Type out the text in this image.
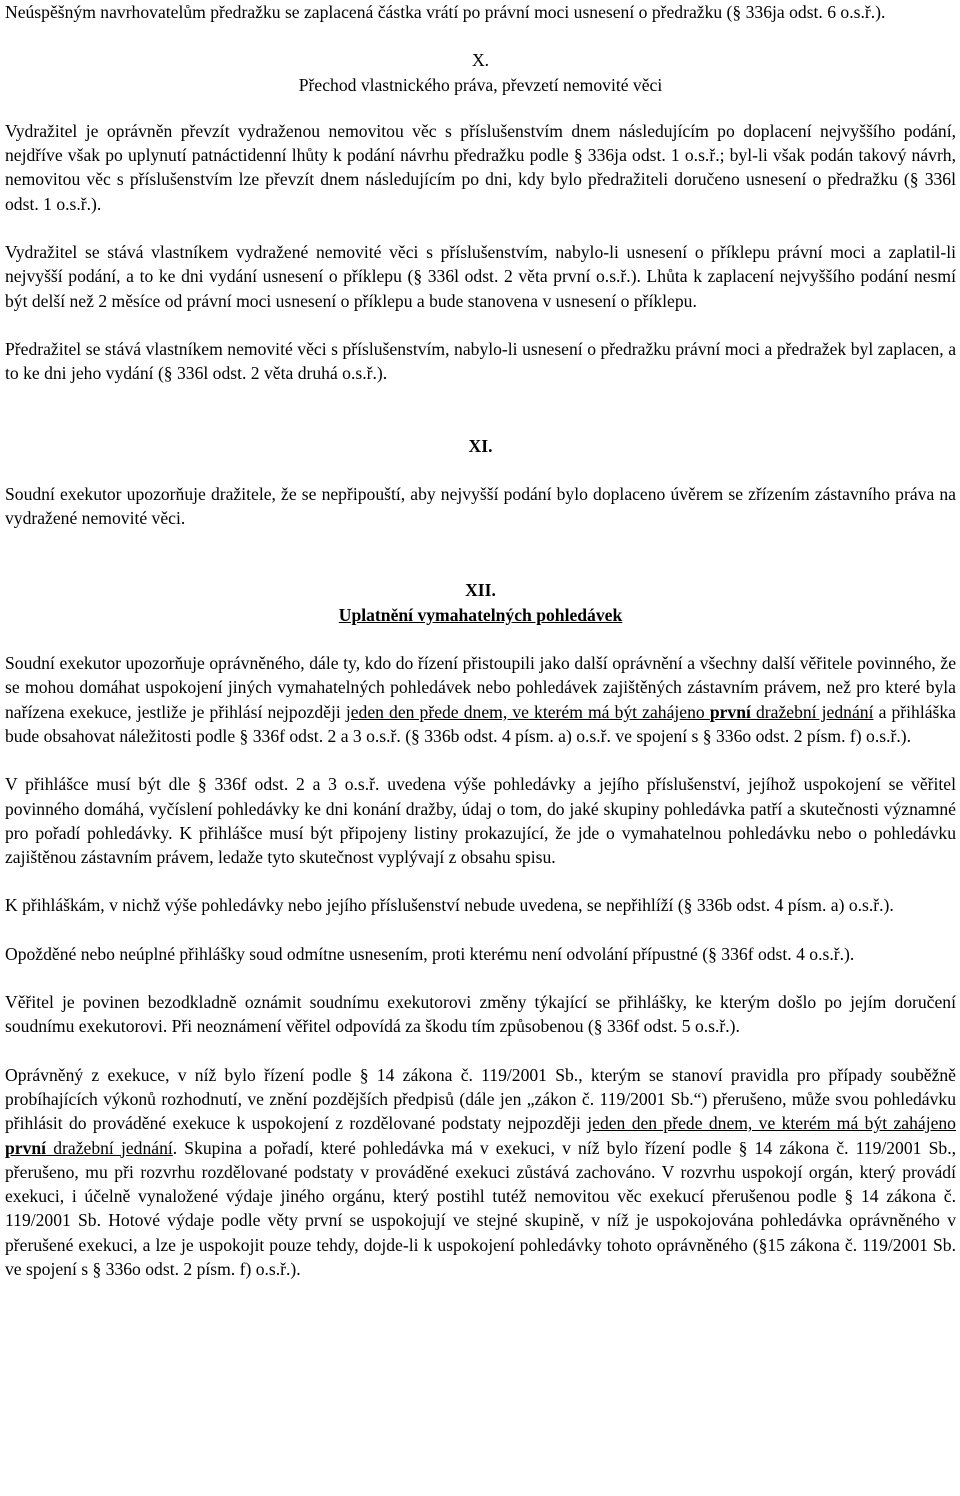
Neúspěšným navrhovatelům předražku se zaplacená částka vrátí po právní moci usnesení o předražku (§ 336ja odst. 6 o.s.ř.).

X.

Přechod vlastnického práva, převzetí nemovité věci

Vydražitel je oprávněn převzít vydraženou nemovitou věc s příslušenstvím dnem následujícím po doplacení nejvyššího podání, nejdříve však po uplynutí patnáctidenní lhůty k podání návrhu předražku podle § 336ja odst. 1 o.s.ř.; byl-li však podán takový návrh, nemovitou věc s příslušenstvím lze převzít dnem následujícím po dni, kdy bylo předražiteli doručeno usnesení o předražku (§ 336l odst. 1 o.s.ř.).

Vydražitel se stává vlastníkem vydražené nemovité věci s příslušenstvím, nabylo-li usnesení o příklepu právní moci a zaplatil-li nejvyšší podání, a to ke dni vydání usnesení o příklepu (§ 336l odst. 2 věta první o.s.ř.). Lhůta k zaplacení nejvyššího podání nesmí být delší než 2 měsíce od právní moci usnesení o příklepu a bude stanovena v usnesení o příklepu.

Předražitel se stává vlastníkem nemovité věci s příslušenstvím, nabylo-li usnesení o předražku právní moci a předražek byl zaplacen, a to ke dni jeho vydání (§ 336l odst. 2 věta druhá o.s.ř.).

XI.

Soudní exekutor upozorňuje dražitele, že se nepřipouští, aby nejvyšší podání bylo doplaceno úvěrem se zřízením zástavního práva na vydražené nemovité věci.

XII.

Uplatnění vymahatelných pohledávek

Soudní exekutor upozorňuje oprávněného, dále ty, kdo do řízení přistoupili jako další oprávnění a všechny další věřitele povinného, že se mohou domáhat uspokojení jiných vymahatelných pohledávek nebo pohledávek zajištěných zástavním právem, než pro které byla nařízena exekuce, jestliže je přihlásí nejpozději jeden den přede dnem, ve kterém má být zahájeno první dražební jednání a přihláška bude obsahovat náležitosti podle § 336f odst. 2 a 3 o.s.ř. (§ 336b odst. 4 písm. a) o.s.ř. ve spojení s § 336o odst. 2 písm. f) o.s.ř.).

V přihlášce musí být dle § 336f odst. 2 a 3 o.s.ř. uvedena výše pohledávky a jejího příslušenství, jejíhož uspokojení se věřitel povinného domáhá, vyčíslení pohledávky ke dni konání dražby, údaj o tom, do jaké skupiny pohledávka patří a skutečnosti významné pro pořadí pohledávky. K přihlášce musí být připojeny listiny prokazující, že jde o vymahatelnou pohledávku nebo o pohledávku zajištěnou zástavním právem, ledaže tyto skutečnost vyplývají z obsahu spisu.

K přihláškám, v nichž výše pohledávky nebo jejího příslušenství nebude uvedena, se nepřihlíží (§ 336b odst. 4 písm. a) o.s.ř.).

Opožděné nebo neúplné přihlášky soud odmítne usnesením, proti kterému není odvolání přípustné (§ 336f odst. 4 o.s.ř.).

Věřitel je povinen bezodkladně oznámit soudnímu exekutorovi změny týkající se přihlášky, ke kterým došlo po jejím doručení soudnímu exekutorovi. Při neoznámení věřitel odpovídá za škodu tím způsobenou (§ 336f odst. 5 o.s.ř.).

Oprávněný z exekuce, v níž bylo řízení podle § 14 zákona č. 119/2001 Sb., kterým se stanoví pravidla pro případy souběžně probíhajících výkonů rozhodnutí, ve znění pozdějších předpisů (dále jen „zákon č. 119/2001 Sb.“) přerušeno, může svou pohledávku přihlásit do prováděné exekuce k uspokojení z rozdělované podstaty nejpozději jeden den přede dnem, ve kterém má být zahájeno první dražební jednání. Skupina a pořadí, které pohledávka má v exekuci, v níž bylo řízení podle § 14 zákona č. 119/2001 Sb., přerušeno, mu při rozvrhu rozdělované podstaty v prováděné exekuci zůstává zachováno. V rozvrhu uspokojí orgán, který provádí exekuci, i účelně vynaložené výdaje jiného orgánu, který postihl tutéž nemovitou věc exekucí přerušenou podle § 14 zákona č. 119/2001 Sb. Hotové výdaje podle věty první se uspokojují ve stejné skupině, v níž je uspokojována pohledávka oprávněného v přerušené exekuci, a lze je uspokojit pouze tehdy, dojde-li k uspokojení pohledávky tohoto oprávněného (§15 zákona č. 119/2001 Sb. ve spojení s § 336o odst. 2 písm. f) o.s.ř.).
